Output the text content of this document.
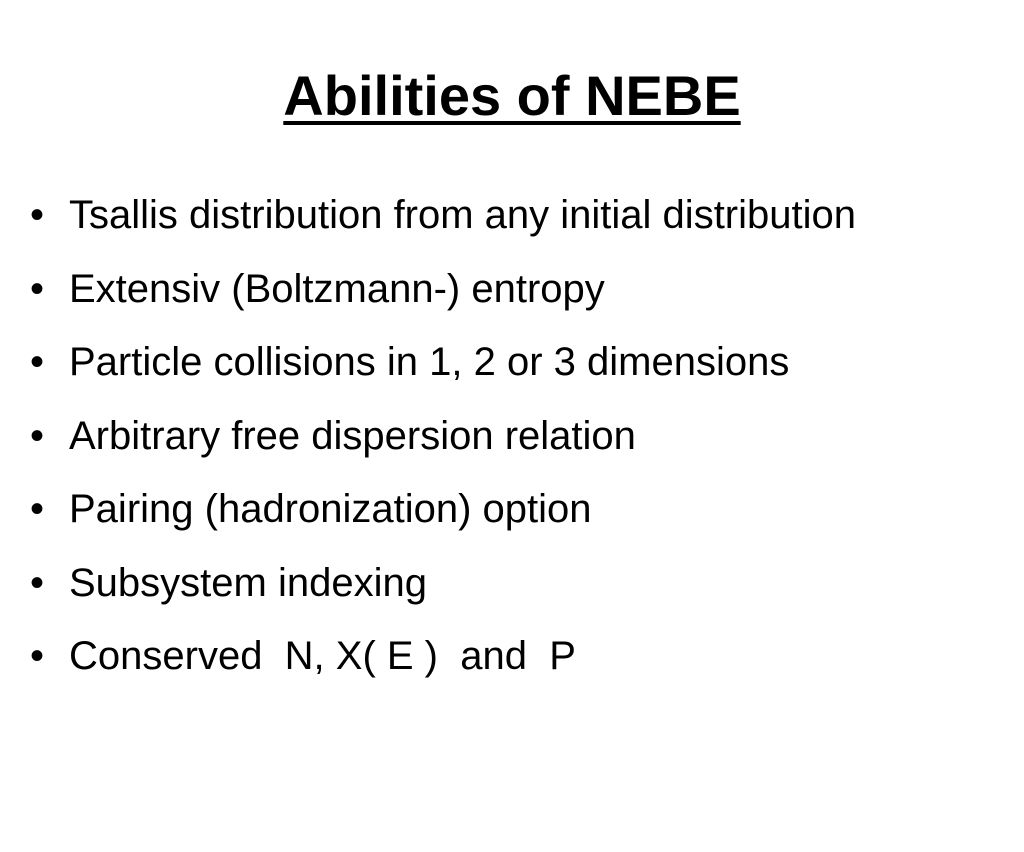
Abilities of NEBE

•

Tsallis distribution from any initial distribution

•

Extensiv (Boltzmann-) entropy

•

Particle collisions in 1, 2 or 3 dimensions

•

Arbitrary free dispersion relation

•

Pairing (hadronization) option

•

Subsystem indexing

•

Conserved  N, X( E )  and  P
